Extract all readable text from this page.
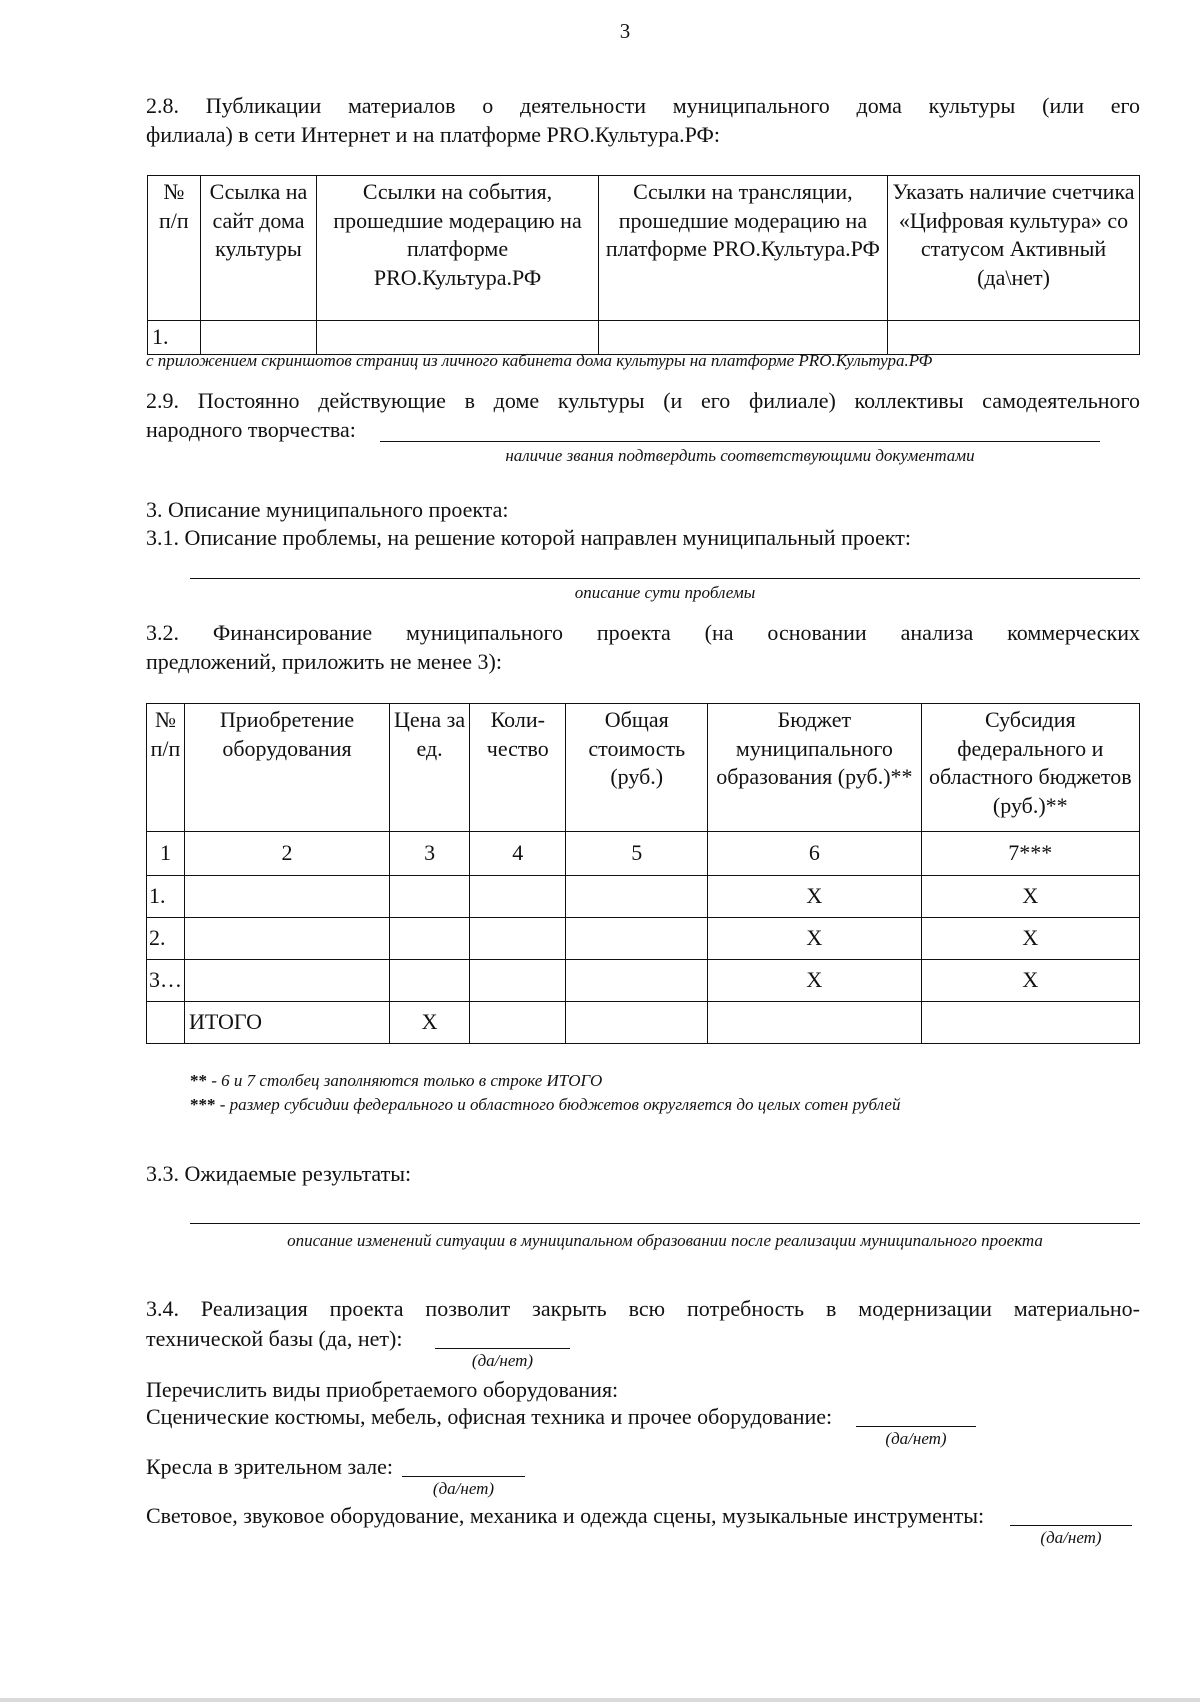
3

2.8. Публикации материалов о деятельности муниципального дома культуры (или его

филиала) в сети Интернет и на платформе PRO.Культура.РФ:

№ п/п	Ссылка на сайт дома культуры	Ссылки на события, прошедшие модерацию на платформе PRO.Культура.РФ	Ссылки на трансляции, прошедшие модерацию на платформе PRO.Культура.РФ	Указать наличие счетчика «Цифровая культура» со статусом Активный (да\нет)
1.				
с приложением скриншотов страниц из личного кабинета дома культуры на платформе PRO.Культура.РФ

2.9. Постоянно действующие в доме культуры (и его филиале) коллективы самодеятельного

народного творчества:

наличие звания подтвердить соответствующими документами

3. Описание муниципального проекта:

3.1. Описание проблемы, на решение которой направлен муниципальный проект:

описание сути проблемы

3.2. Финансирование муниципального проекта (на основании анализа коммерческих

предложений, приложить не менее 3):

№ п/п	Приобретение оборудования	Цена за ед.	Коли-чество	Общая стоимость (руб.)	Бюджет муниципального образования (руб.)**	Субсидия федерального и областного бюджетов (руб.)**
1	2	3	4	5	6	7***
1.					Х	Х
2.					Х	Х
3…					Х	Х
	ИТОГО	Х				
** - 6 и 7 столбец заполняются только в строке ИТОГО
*** - размер субсидии федерального и областного бюджетов округляется до целых сотен рублей

3.3. Ожидаемые результаты:

описание изменений ситуации в муниципальном образовании после реализации муниципального проекта

3.4. Реализация проекта позволит закрыть всю потребность в модернизации материально-

технической базы (да, нет):

(да/нет)

Перечислить виды приобретаемого оборудования:

Сценические костюмы, мебель, офисная техника и прочее оборудование:

(да/нет)

Кресла в зрительном зале:

(да/нет)

Световое, звуковое оборудование, механика и одежда сцены, музыкальные инструменты:

(да/нет)
